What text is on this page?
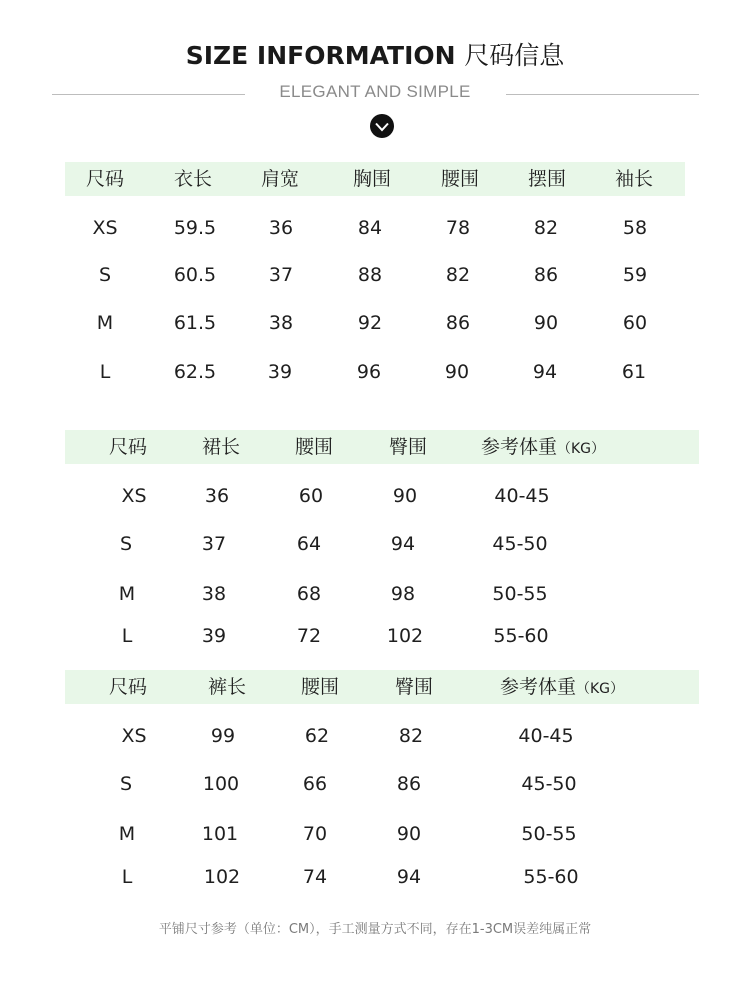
SIZE INFORMATION 尺码信息
ELEGANT AND SIMPLE
尺码	衣长	肩宽	胸围	腰围	摆围	袖长
XS	59.5	36	84	78	82	58
S	60.5	37	88	82	86	59
M	61.5	38	92	86	90	60
L	62.5	39	96	90	94	61
尺码	裙长	腰围	臀围	参考体重（KG）
XS	36	60	90	40-45
S	37	64	94	45-50
M	38	68	98	50-55
L	39	72	102	55-60
尺码	裤长	腰围	臀围	参考体重（KG）
XS	99	62	82	40-45
S	100	66	86	45-50
M	101	70	90	50-55
L	102	74	94	55-60
平铺尺寸参考（单位：CM），手工测量方式不同，存在1-3CM误差纯属正常
